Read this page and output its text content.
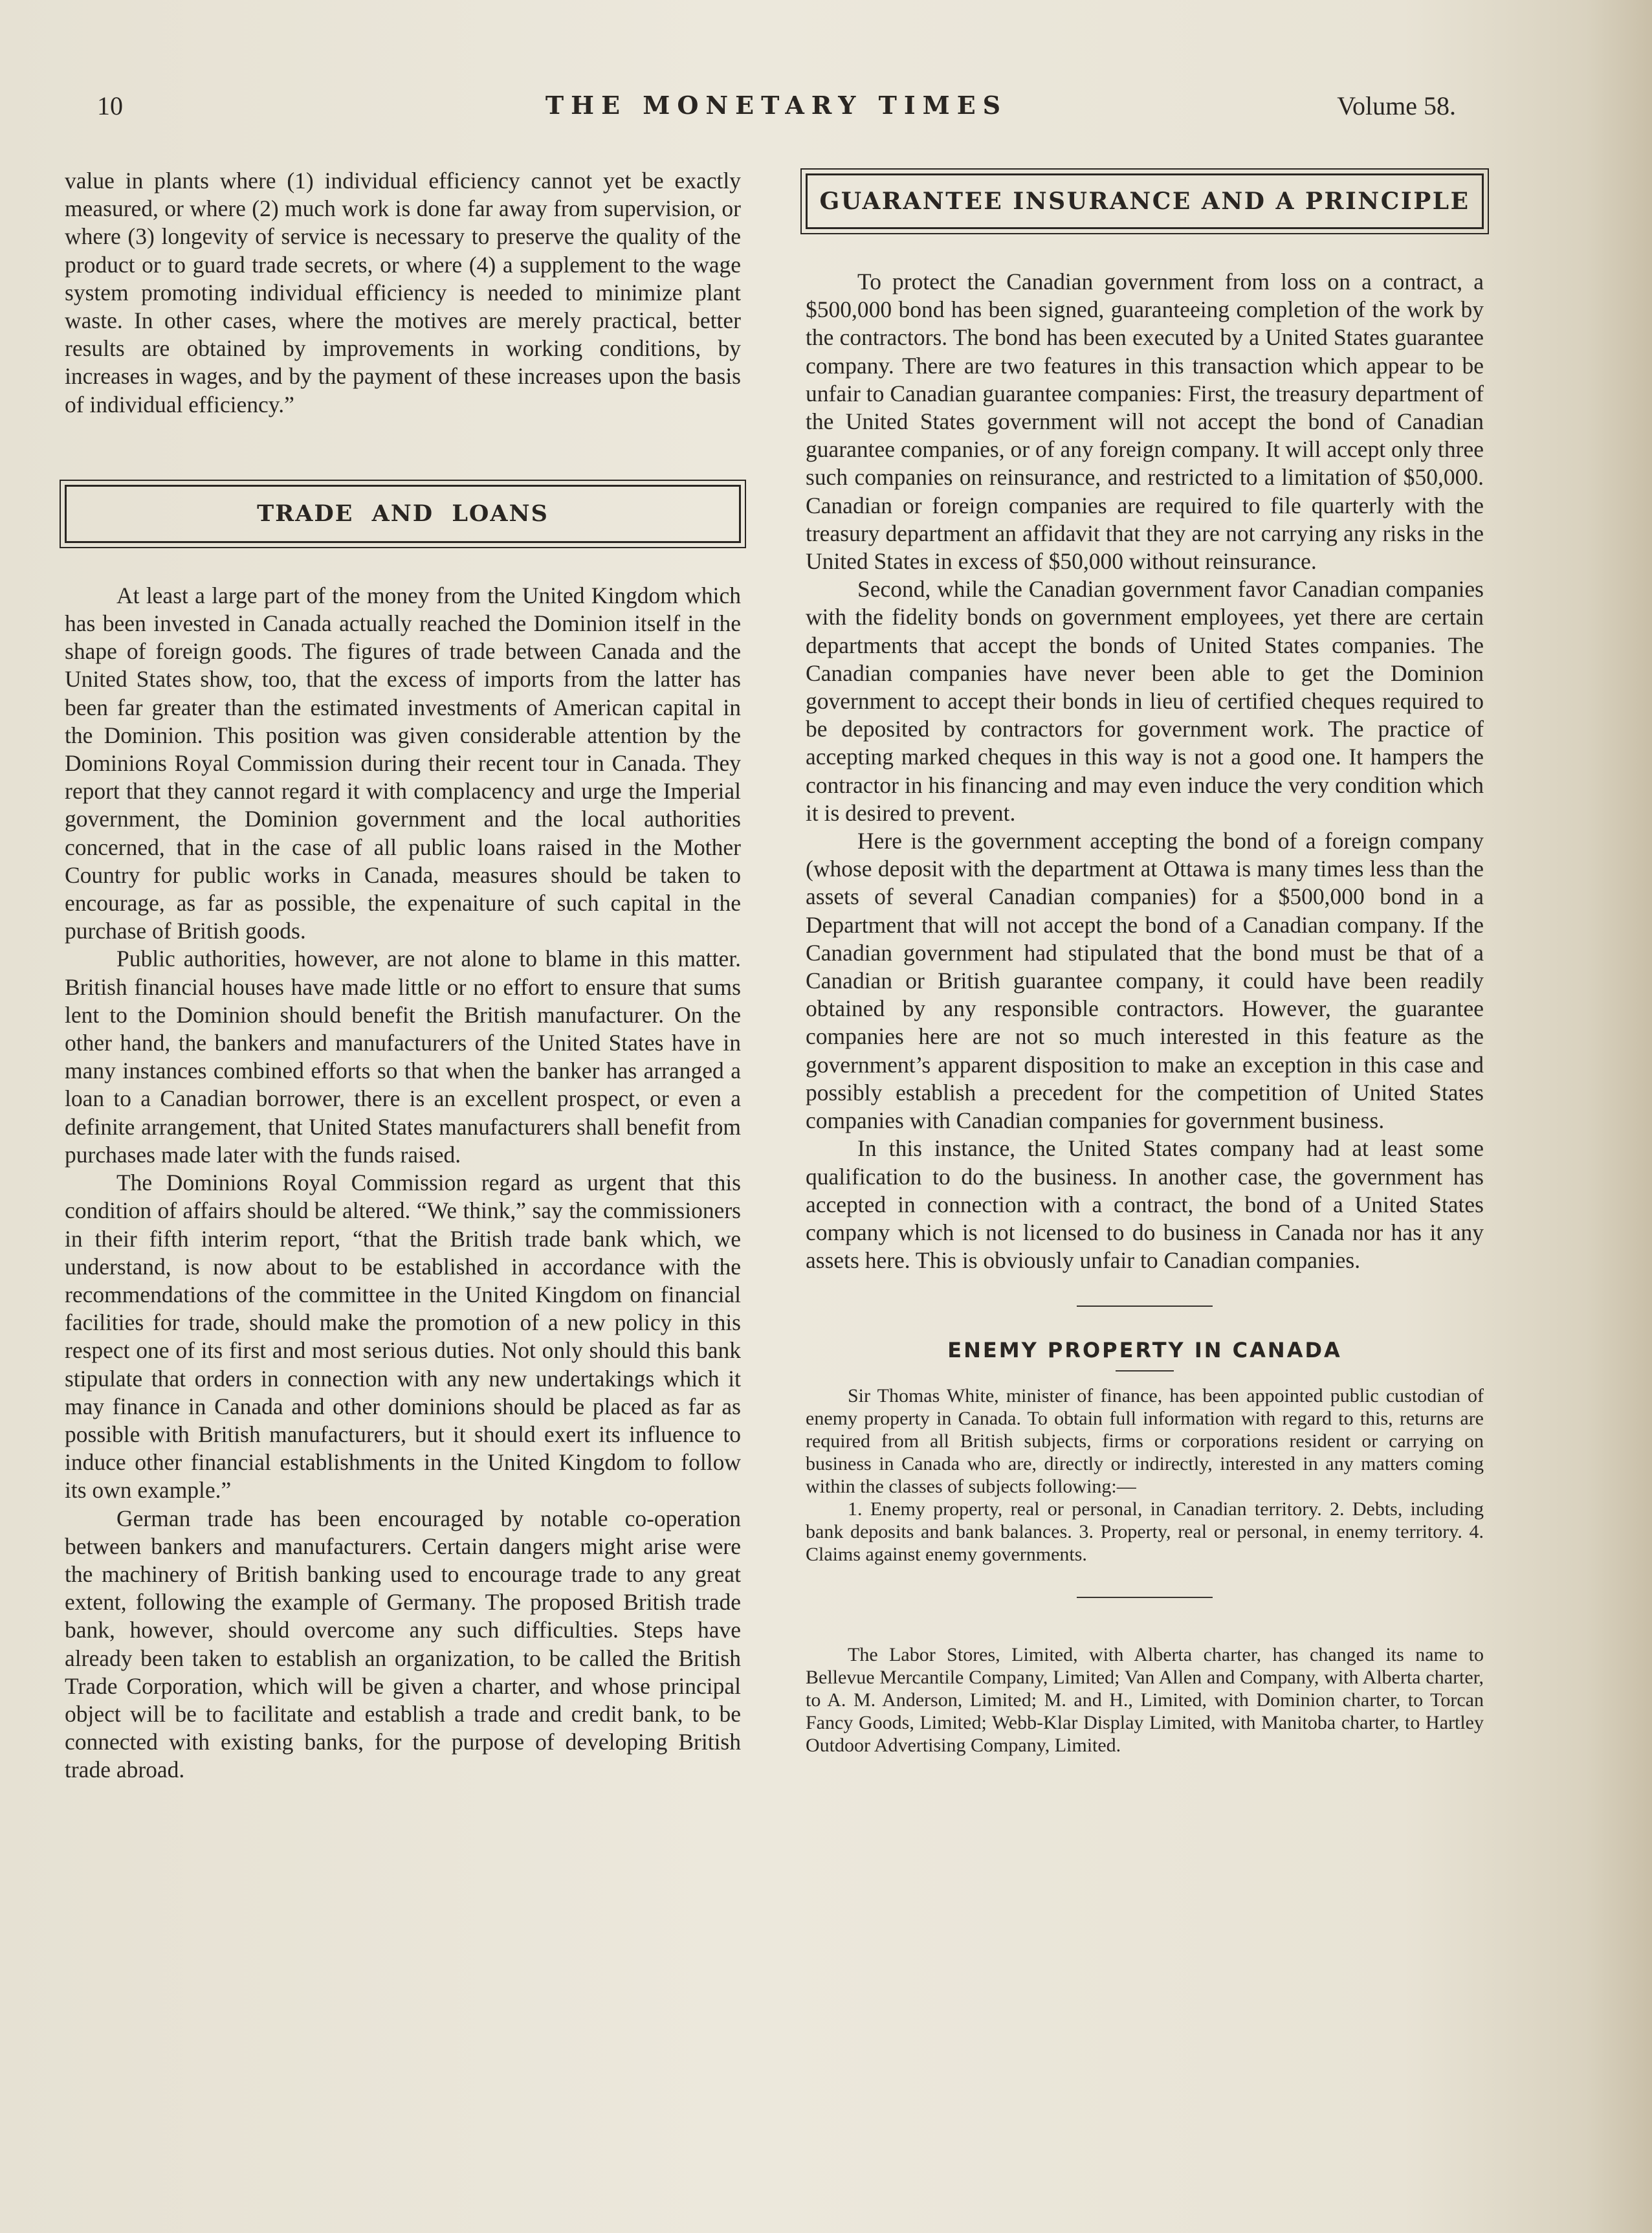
10	THE MONETARY TIMES	Volume 58.

value in plants where (1) individual efficiency cannot yet be exactly measured, or where (2) much work is done far away from supervision, or where (3) longevity of service is necessary to preserve the quality of the product or to guard trade secrets, or where (4) a supplement to the wage system promoting individual efficiency is needed to minimize plant waste. In other cases, where the motives are merely practical, better results are obtained by improvements in working conditions, by increases in wages, and by the payment of these increases upon the basis of individual efficiency.”

TRADE AND LOANS

At least a large part of the money from the United Kingdom which has been invested in Canada actually reached the Dominion itself in the shape of foreign goods. The figures of trade between Canada and the United States show, too, that the excess of imports from the latter has been far greater than the estimated investments of American capital in the Dominion. This position was given considerable attention by the Dominions Royal Commission during their recent tour in Canada. They report that they cannot regard it with complacency and urge the Imperial government, the Dominion government and the local authorities concerned, that in the case of all public loans raised in the Mother Country for public works in Canada, measures should be taken to encourage, as far as possible, the expenaiture of such capital in the purchase of British goods.

Public authorities, however, are not alone to blame in this matter. British financial houses have made little or no effort to ensure that sums lent to the Dominion should benefit the British manufacturer. On the other hand, the bankers and manufacturers of the United States have in many instances combined efforts so that when the banker has arranged a loan to a Canadian borrower, there is an excellent prospect, or even a definite arrangement, that United States manufacturers shall benefit from purchases made later with the funds raised.

The Dominions Royal Commission regard as urgent that this condition of affairs should be altered. “We think,” say the commissioners in their fifth interim report, “that the British trade bank which, we understand, is now about to be established in accordance with the recommendations of the committee in the United Kingdom on financial facilities for trade, should make the promotion of a new policy in this respect one of its first and most serious duties. Not only should this bank stipulate that orders in connection with any new undertakings which it may finance in Canada and other dominions should be placed as far as possible with British manufacturers, but it should exert its influence to induce other financial establishments in the United Kingdom to follow its own example.”

German trade has been encouraged by notable co-operation between bankers and manufacturers. Certain dangers might arise were the machinery of British banking used to encourage trade to any great extent, following the example of Germany. The proposed British trade bank, however, should overcome any such difficulties. Steps have already been taken to establish an organization, to be called the British Trade Corporation, which will be given a charter, and whose principal object will be to facilitate and establish a trade and credit bank, to be connected with existing banks, for the purpose of developing British trade abroad.

GUARANTEE INSURANCE AND A PRINCIPLE

To protect the Canadian government from loss on a contract, a $500,000 bond has been signed, guaranteeing completion of the work by the contractors. The bond has been executed by a United States guarantee company. There are two features in this transaction which appear to be unfair to Canadian guarantee companies: First, the treasury department of the United States government will not accept the bond of Canadian guarantee companies, or of any foreign company. It will accept only three such companies on reinsurance, and restricted to a limitation of $50,000. Canadian or foreign companies are required to file quarterly with the treasury department an affidavit that they are not carrying any risks in the United States in excess of $50,000 without reinsurance.

Second, while the Canadian government favor Canadian companies with the fidelity bonds on government employees, yet there are certain departments that accept the bonds of United States companies. The Canadian companies have never been able to get the Dominion government to accept their bonds in lieu of certified cheques required to be deposited by contractors for government work. The practice of accepting marked cheques in this way is not a good one. It hampers the contractor in his financing and may even induce the very condition which it is desired to prevent.

Here is the government accepting the bond of a foreign company (whose deposit with the department at Ottawa is many times less than the assets of several Canadian companies) for a $500,000 bond in a Department that will not accept the bond of a Canadian company. If the Canadian government had stipulated that the bond must be that of a Canadian or British guarantee company, it could have been readily obtained by any responsible contractors. However, the guarantee companies here are not so much interested in this feature as the government’s apparent disposition to make an exception in this case and possibly establish a precedent for the competition of United States companies with Canadian companies for government business.

In this instance, the United States company had at least some qualification to do the business. In another case, the government has accepted in connection with a contract, the bond of a United States company which is not licensed to do business in Canada nor has it any assets here. This is obviously unfair to Canadian companies.

ENEMY PROPERTY IN CANADA

Sir Thomas White, minister of finance, has been appointed public custodian of enemy property in Canada. To obtain full information with regard to this, returns are required from all British subjects, firms or corporations resident or carrying on business in Canada who are, directly or indirectly, interested in any matters coming within the classes of subjects following:—

1. Enemy property, real or personal, in Canadian territory. 2. Debts, including bank deposits and bank balances. 3. Property, real or personal, in enemy territory. 4. Claims against enemy governments.

The Labor Stores, Limited, with Alberta charter, has changed its name to Bellevue Mercantile Company, Limited; Van Allen and Company, with Alberta charter, to A. M. Anderson, Limited; M. and H., Limited, with Dominion charter, to Torcan Fancy Goods, Limited; Webb-Klar Display Limited, with Manitoba charter, to Hartley Outdoor Advertising Company, Limited.
